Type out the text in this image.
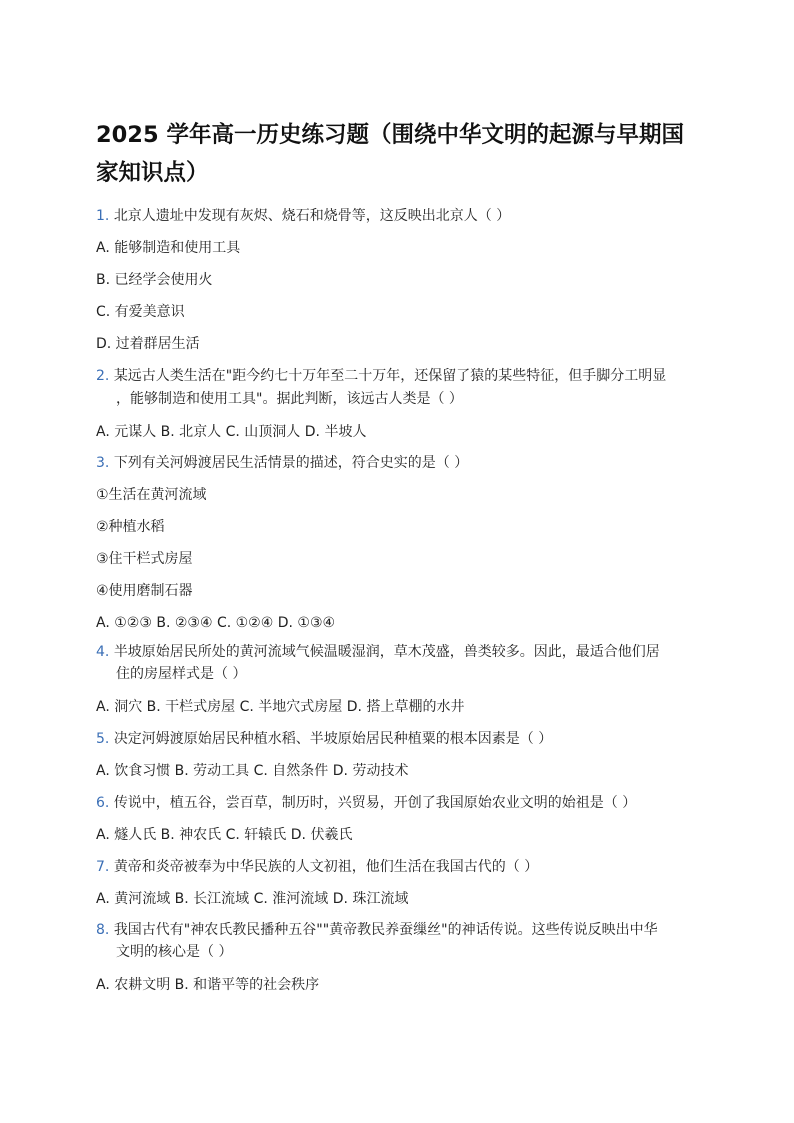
2025 学年高一历史练习题（围绕中华文明的起源与早期国家知识点）
1. 北京人遗址中发现有灰烬、烧石和烧骨等，这反映出北京人（ ）
A. 能够制造和使用工具
B. 已经学会使用火
C. 有爱美意识
D. 过着群居生活
2. 某远古人类生活在"距今约七十万年至二十万年，还保留了猿的某些特征，但手脚分工明显
，能够制造和使用工具"。据此判断，该远古人类是（ ）
A. 元谋人 B. 北京人 C. 山顶洞人 D. 半坡人
3. 下列有关河姆渡居民生活情景的描述，符合史实的是（ ）
①生活在黄河流域
②种植水稻
③住干栏式房屋
④使用磨制石器
A. ①②③ B. ②③④ C. ①②④ D. ①③④
4. 半坡原始居民所处的黄河流域气候温暖湿润，草木茂盛，兽类较多。因此，最适合他们居
住的房屋样式是（ ）
A. 洞穴 B. 干栏式房屋 C. 半地穴式房屋 D. 搭上草棚的水井
5. 决定河姆渡原始居民种植水稻、半坡原始居民种植粟的根本因素是（ ）
A. 饮食习惯 B. 劳动工具 C. 自然条件 D. 劳动技术
6. 传说中，植五谷，尝百草，制历时，兴贸易，开创了我国原始农业文明的始祖是（ ）
A. 燧人氏 B. 神农氏 C. 轩辕氏 D. 伏羲氏
7. 黄帝和炎帝被奉为中华民族的人文初祖，他们生活在我国古代的（ ）
A. 黄河流域 B. 长江流域 C. 淮河流域 D. 珠江流域
8. 我国古代有"神农氏教民播种五谷""黄帝教民养蚕缫丝"的神话传说。这些传说反映出中华
文明的核心是（ ）
A. 农耕文明 B. 和谐平等的社会秩序
